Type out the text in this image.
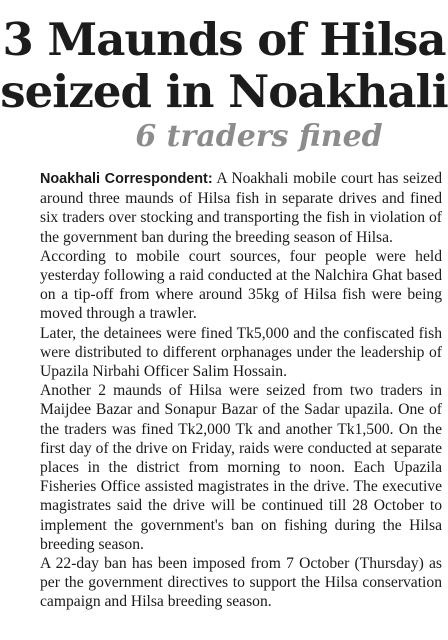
3 Maunds of Hilsa
seized in Noakhali
6 traders fined

Noakhali Correspondent: A Noakhali mobile court has seized around three maunds of Hilsa fish in separate drives and fined six traders over stocking and transporting the fish in violation of the government ban during the breeding season of Hilsa.

According to mobile court sources, four people were held yesterday following a raid conducted at the Nalchira Ghat based on a tip-off from where around 35kg of Hilsa fish were being moved through a trawler.

Later, the detainees were fined Tk5,000 and the confiscated fish were distributed to different orphanages under the leadership of Upazila Nirbahi Officer Salim Hossain.

Another 2 maunds of Hilsa were seized from two traders in Maijdee Bazar and Sonapur Bazar of the Sadar upazila. One of the traders was fined Tk2,000 Tk and another Tk1,500. On the first day of the drive on Friday, raids were conducted at separate places in the district from morning to noon. Each Upazila Fisheries Office assisted magistrates in the drive. The executive magistrates said the drive will be continued till 28 October to implement the government's ban on fishing during the Hilsa breeding season.

A 22-day ban has been imposed from 7 October (Thursday) as per the government directives to support the Hilsa conservation campaign and Hilsa breeding season.
